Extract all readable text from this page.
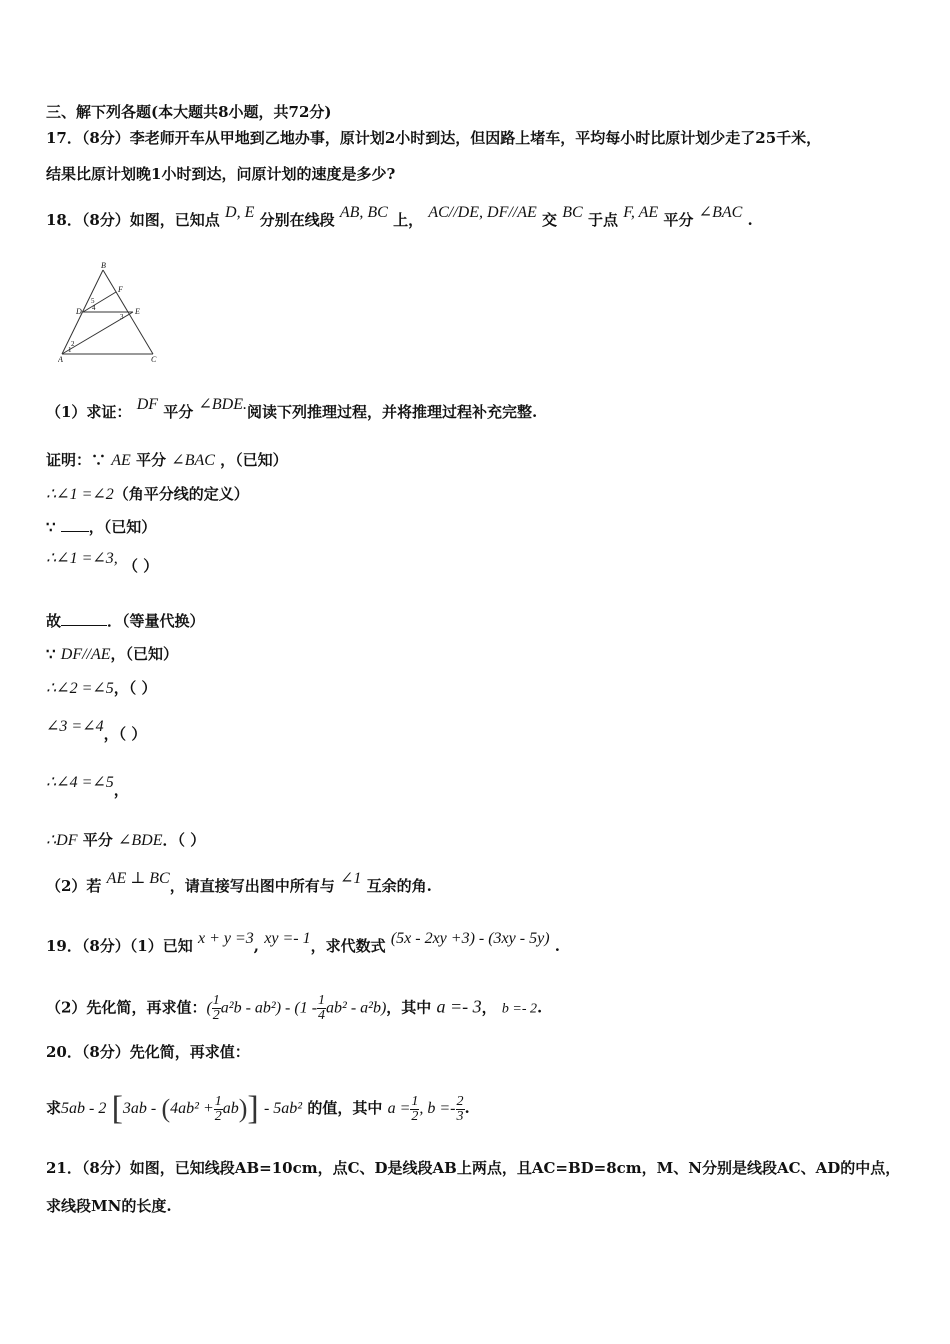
三、解下列各题(本大题共8小题，共72分)
17．（8分）李老师开车从甲地到乙地办事，原计划2小时到达，但因路上堵车，平均每小时比原计划少走了25千米，
结果比原计划晚1小时到达，问原计划的速度是多少?
18．（8分）如图，已知点 D, E 分别在线段 AB, BC 上， AC//DE, DF//AE 交 BC 于点 F, AE 平分 ∠BAC .
B
F
D	E
A	C
1
2
3
4
5
（1）求证： DF 平分 ∠BDE.阅读下列推理过程，并将推理过程补充完整.
证明：∵ AE 平分 ∠BAC ，（已知）
∴∠1 =∠2（角平分线的定义）
∵ ，（已知）
∴∠1 =∠3, （ ）
故	．（等量代换）
∵ DF//AE，（已知）
∴∠2 =∠5，（ ）
∠3 =∠4，（ ）
∴∠4 =∠5，
∴DF 平分 ∠BDE．（ ）
（2）若 AE ⊥ BC，请直接写出图中所有与 ∠1 互余的角.
19．（8分）（1）已知 x + y =3, xy =- 1，求代数式 (5x - 2xy +3) - (3xy - 5y) .
（2）先化简，再求值：( $\frac{1}{2} a^2b - ab^2) - (1 - \frac{1}{4} ab^2 - a^2b)$，其中 a =- 3， b =- 2.
20．（8分）先化简，再求值：
求5ab - 2 $[3ab - (4ab^2 + \frac{1}{2} ab)] - 5ab^2$ 的值，其中 $a = \frac{1}{2}$ , $b =- \frac{2}{3}$ .
21．（8分）如图，已知线段AB=10cm，点C、D是线段AB上两点，且AC=BD=8cm，M、N分别是线段AC、AD的中点，
求线段MN的长度.
